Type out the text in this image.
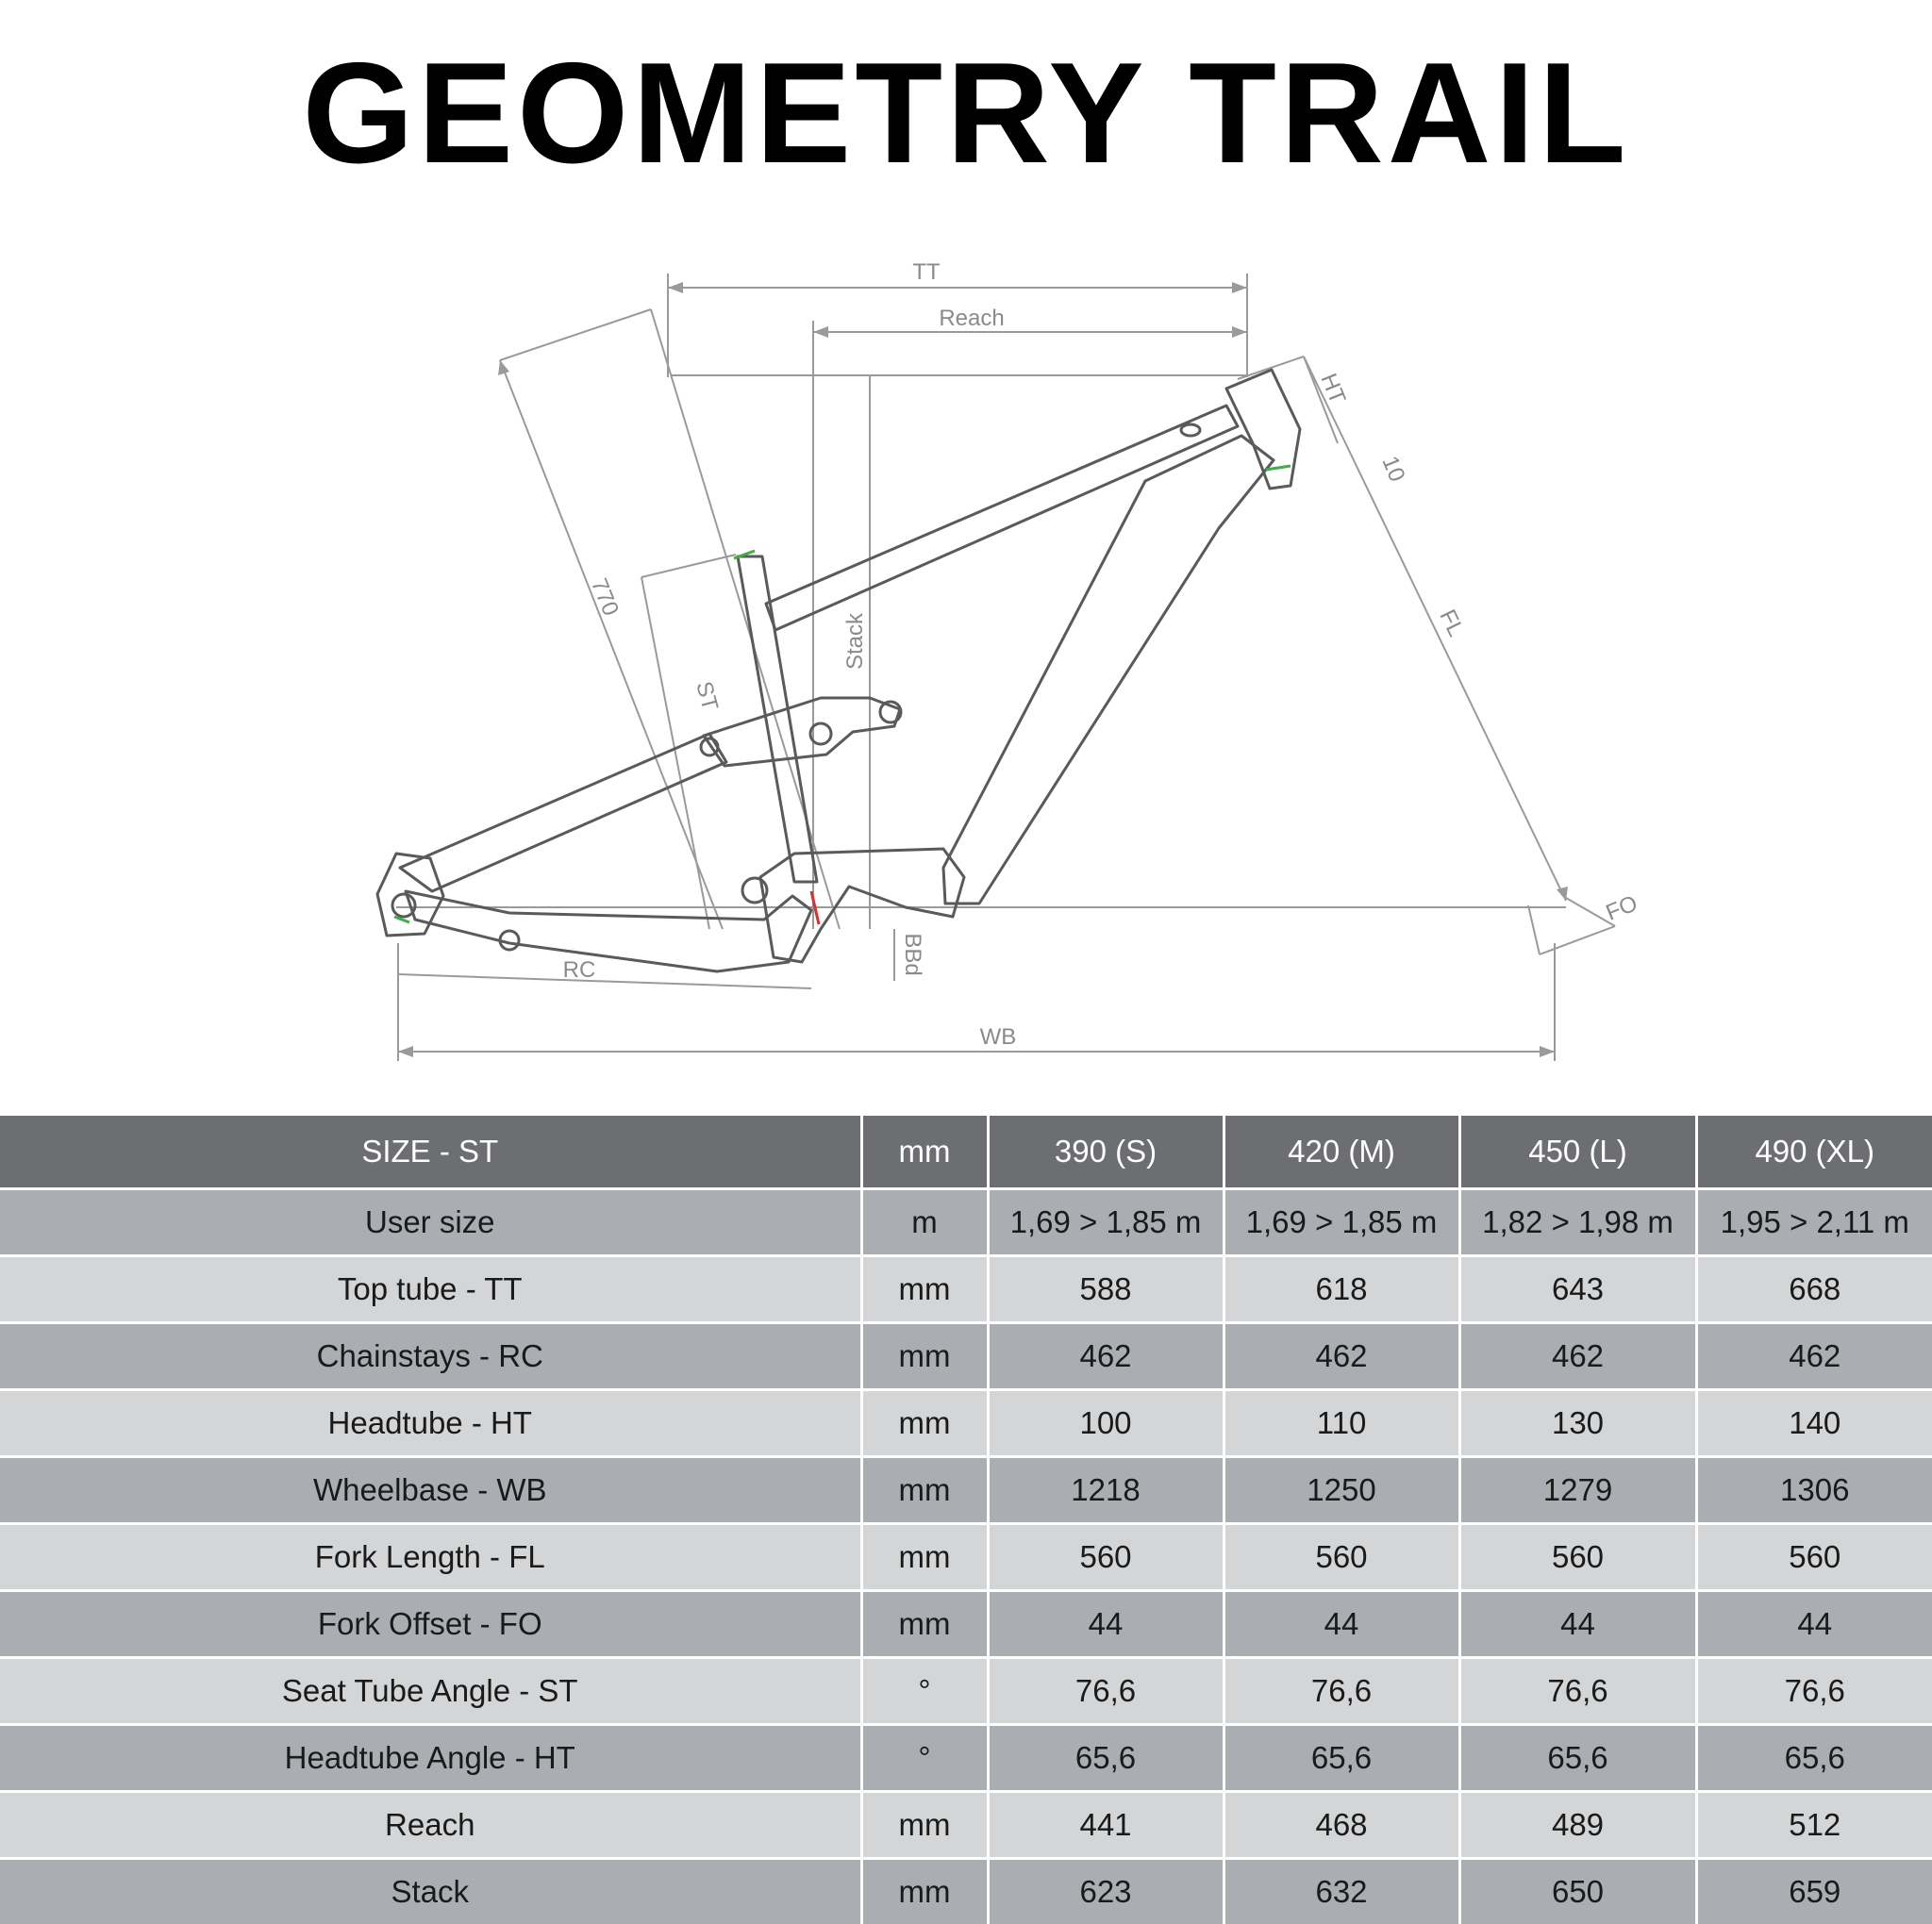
GEOMETRY TRAIL
TT
Reach
HT
10
770
Stack
ST
FL
FO
RC	BBd
WB
SIZE - ST	mm	390 (S)	420 (M)	450 (L)	490 (XL)
User size	m	1,69 > 1,85 m	1,69 > 1,85 m	1,82 > 1,98 m	1,95 > 2,11 m
Top tube - TT	mm	588	618	643	668
Chainstays - RC	mm	462	462	462	462
Headtube - HT	mm	100	110	130	140
Wheelbase - WB	mm	1218	1250	1279	1306
Fork Length - FL	mm	560	560	560	560
Fork Offset - FO	mm	44	44	44	44
Seat Tube Angle - ST	°	76,6	76,6	76,6	76,6
Headtube Angle - HT	°	65,6	65,6	65,6	65,6
Reach	mm	441	468	489	512
Stack	mm	623	632	650	659
